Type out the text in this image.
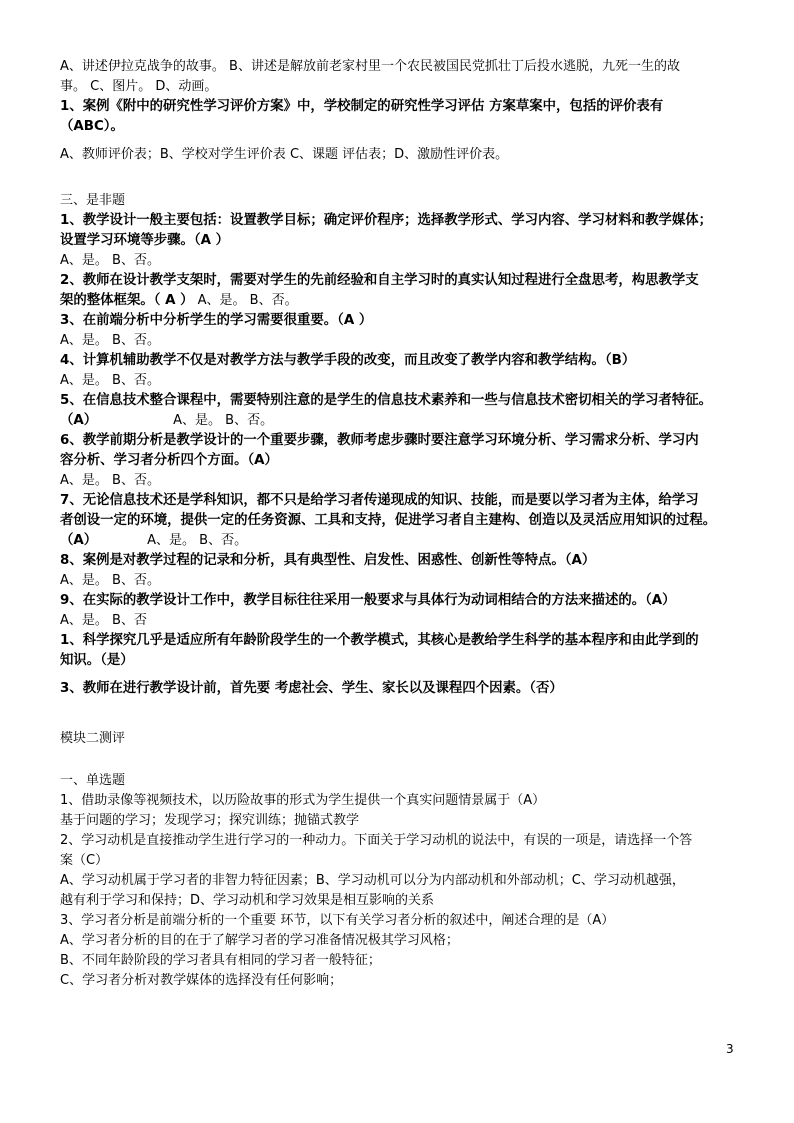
A、讲述伊拉克战争的故事。 B、讲述是解放前老家村里一个农民被国民党抓壮丁后投水逃脱，九死一生的故
事。 C、图片。 D、动画。
1、案例《附中的研究性学习评价方案》中，学校制定的研究性学习评估 方案草案中，包括的评价表有
（ABC）。
A、教师评价表；B、学校对学生评价表 C、课题 评估表；D、激励性评价表。
三、是非题
1、教学设计一般主要包括：设置教学目标；确定评价程序；选择教学形式、学习内容、学习材料和教学媒体；
设置学习环境等步骤。（A ）
A、是。 B、否。
2、教师在设计教学支架时，需要对学生的先前经验和自主学习时的真实认知过程进行全盘思考，构思教学支
架的整体框架。（ A ） A、是。 B、否。
3、在前端分析中分析学生的学习需要很重要。（A ）
A、是。 B、否。
4、计算机辅助教学不仅是对教学方法与教学手段的改变，而且改变了教学内容和教学结构。（B）
A、是。 B、否。
5、在信息技术整合课程中，需要特别注意的是学生的信息技术素养和一些与信息技术密切相关的学习者特征。
（A）	A、是。 B、否。
6、教学前期分析是教学设计的一个重要步骤，教师考虑步骤时要注意学习环境分析、学习需求分析、学习内
容分析、学习者分析四个方面。（A）
A、是。 B、否。
7、无论信息技术还是学科知识，都不只是给学习者传递现成的知识、技能，而是要以学习者为主体，给学习
者创设一定的环境，提供一定的任务资源、工具和支持，促进学习者自主建构、创造以及灵活应用知识的过程。
（A）	A、是。 B、否。
8、案例是对教学过程的记录和分析，具有典型性、启发性、困惑性、创新性等特点。（A）
A、是。 B、否。
9、在实际的教学设计工作中，教学目标往往采用一般要求与具体行为动词相结合的方法来描述的。（A）
A、是。 B、否
1、科学探究几乎是适应所有年龄阶段学生的一个教学模式，其核心是教给学生科学的基本程序和由此学到的
知识。（是）
3、教师在进行教学设计前，首先要 考虑社会、学生、家长以及课程四个因素。（否）
模块二测评
一、单选题
1、借助录像等视频技术，以历险故事的形式为学生提供一个真实问题情景属于（A）
基于问题的学习；发现学习；探究训练；抛锚式教学
2、学习动机是直接推动学生进行学习的一种动力。下面关于学习动机的说法中，有误的一项是，请选择一个答
案（C）
A、学习动机属于学习者的非智力特征因素；B、学习动机可以分为内部动机和外部动机；C、学习动机越强，
越有利于学习和保持；D、学习动机和学习效果是相互影响的关系
3、学习者分析是前端分析的一个重要 环节，以下有关学习者分析的叙述中，阐述合理的是（A）
A、学习者分析的目的在于了解学习者的学习准备情况极其学习风格；
B、不同年龄阶段的学习者具有相同的学习者一般特征；
C、学习者分析对教学媒体的选择没有任何影响；
3
